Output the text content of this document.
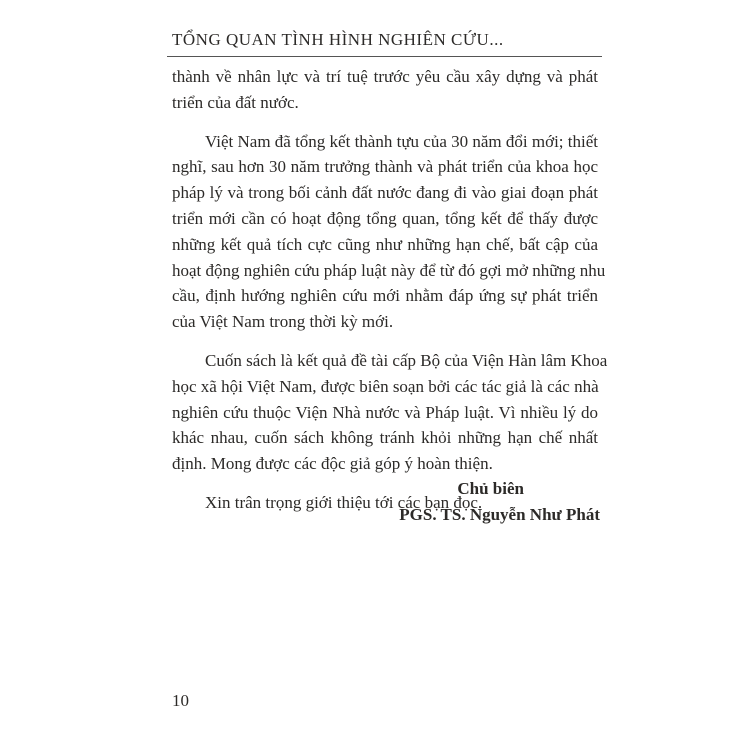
TỔNG QUAN TÌNH HÌNH NGHIÊN CỨU...

thành về nhân lực và trí tuệ trước yêu cầu xây dựng và phát
triển của đất nước.

Việt Nam đã tổng kết thành tựu của 30 năm đổi mới; thiết
nghĩ, sau hơn 30 năm trưởng thành và phát triển của khoa học
pháp lý và trong bối cảnh đất nước đang đi vào giai đoạn phát
triển mới cần có hoạt động tổng quan, tổng kết để thấy được
những kết quả tích cực cũng như những hạn chế, bất cập của
hoạt động nghiên cứu pháp luật này để từ đó gợi mở những nhu
cầu, định hướng nghiên cứu mới nhằm đáp ứng sự phát triển
của Việt Nam trong thời kỳ mới.

Cuốn sách là kết quả đề tài cấp Bộ của Viện Hàn lâm Khoa
học xã hội Việt Nam, được biên soạn bởi các tác giả là các nhà
nghiên cứu thuộc Viện Nhà nước và Pháp luật. Vì nhiều lý do
khác nhau, cuốn sách không tránh khỏi những hạn chế nhất
định. Mong được các độc giả góp ý hoàn thiện.

Xin trân trọng giới thiệu tới các bạn đọc.

Chủ biên
PGS. TS. Nguyễn Như Phát
10
